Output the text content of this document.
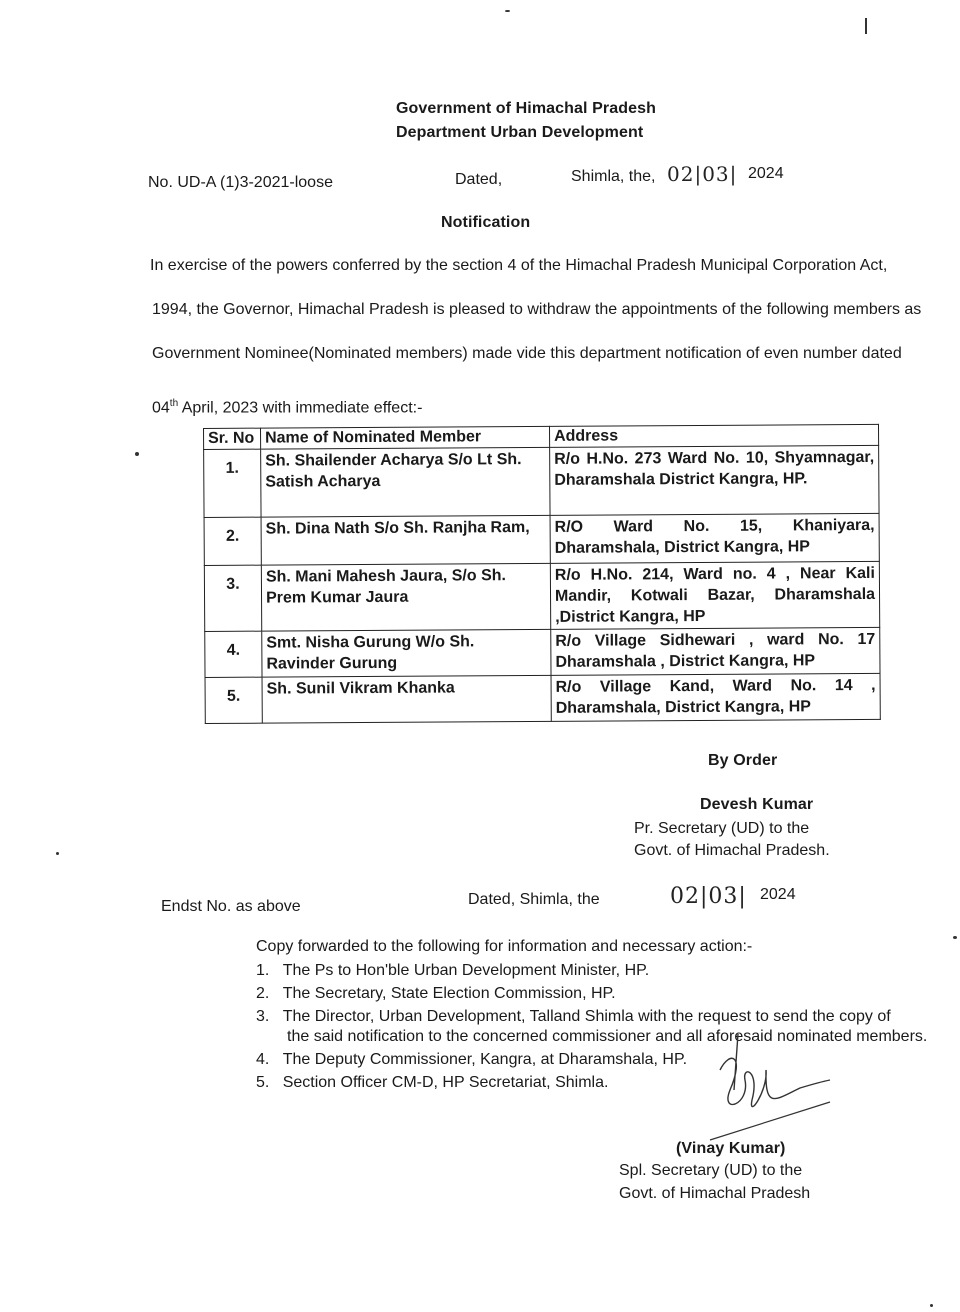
Government of Himachal Pradesh
Department Urban Development
No. UD-A (1)3-2021-loose	Dated,	Shimla, the, 02|03| 2024
Notification
In exercise of the powers conferred by the section 4 of the Himachal Pradesh Municipal Corporation Act,
1994, the Governor, Himachal Pradesh is pleased to withdraw the appointments of the following members as
Government Nominee(Nominated members) made vide this department notification of even number dated
04th April, 2023 with immediate effect:-
Sr. No	Name of Nominated Member	Address
1.	Sh. Shailender Acharya S/o Lt Sh. Satish Acharya	R/o H.No. 273 Ward No. 10, Shyamnagar, Dharamshala District Kangra, HP.
2.	Sh. Dina Nath S/o Sh. Ranjha Ram,	R/O Ward No. 15, Khaniyara, Dharamshala, District Kangra, HP
3.	Sh. Mani Mahesh Jaura, S/o Sh. Prem Kumar Jaura	R/o H.No. 214, Ward no. 4 , Near Kali Mandir, Kotwali Bazar, Dharamshala ,District Kangra, HP
4.	Smt. Nisha Gurung W/o Sh. Ravinder Gurung	R/o Village Sidhewari , ward No. 17 Dharamshala , District Kangra, HP
5.	Sh. Sunil Vikram Khanka	R/o Village Kand, Ward No. 14 , Dharamshala, District Kangra, HP
By Order
Devesh Kumar
Pr. Secretary (UD) to the
Govt. of Himachal Pradesh.
Endst No. as above	Dated, Shimla, the	02|03| 2024
Copy forwarded to the following for information and necessary action:-
1. The Ps to Hon'ble Urban Development Minister, HP.
2. The Secretary, State Election Commission, HP.
3. The Director, Urban Development, Talland Shimla with the request to send the copy of
the said notification to the concerned commissioner and all aforesaid nominated members.
4. The Deputy Commissioner, Kangra, at Dharamshala, HP.
5. Section Officer CM-D, HP Secretariat, Shimla.
(Vinay Kumar)
Spl. Secretary (UD) to the
Govt. of Himachal Pradesh
